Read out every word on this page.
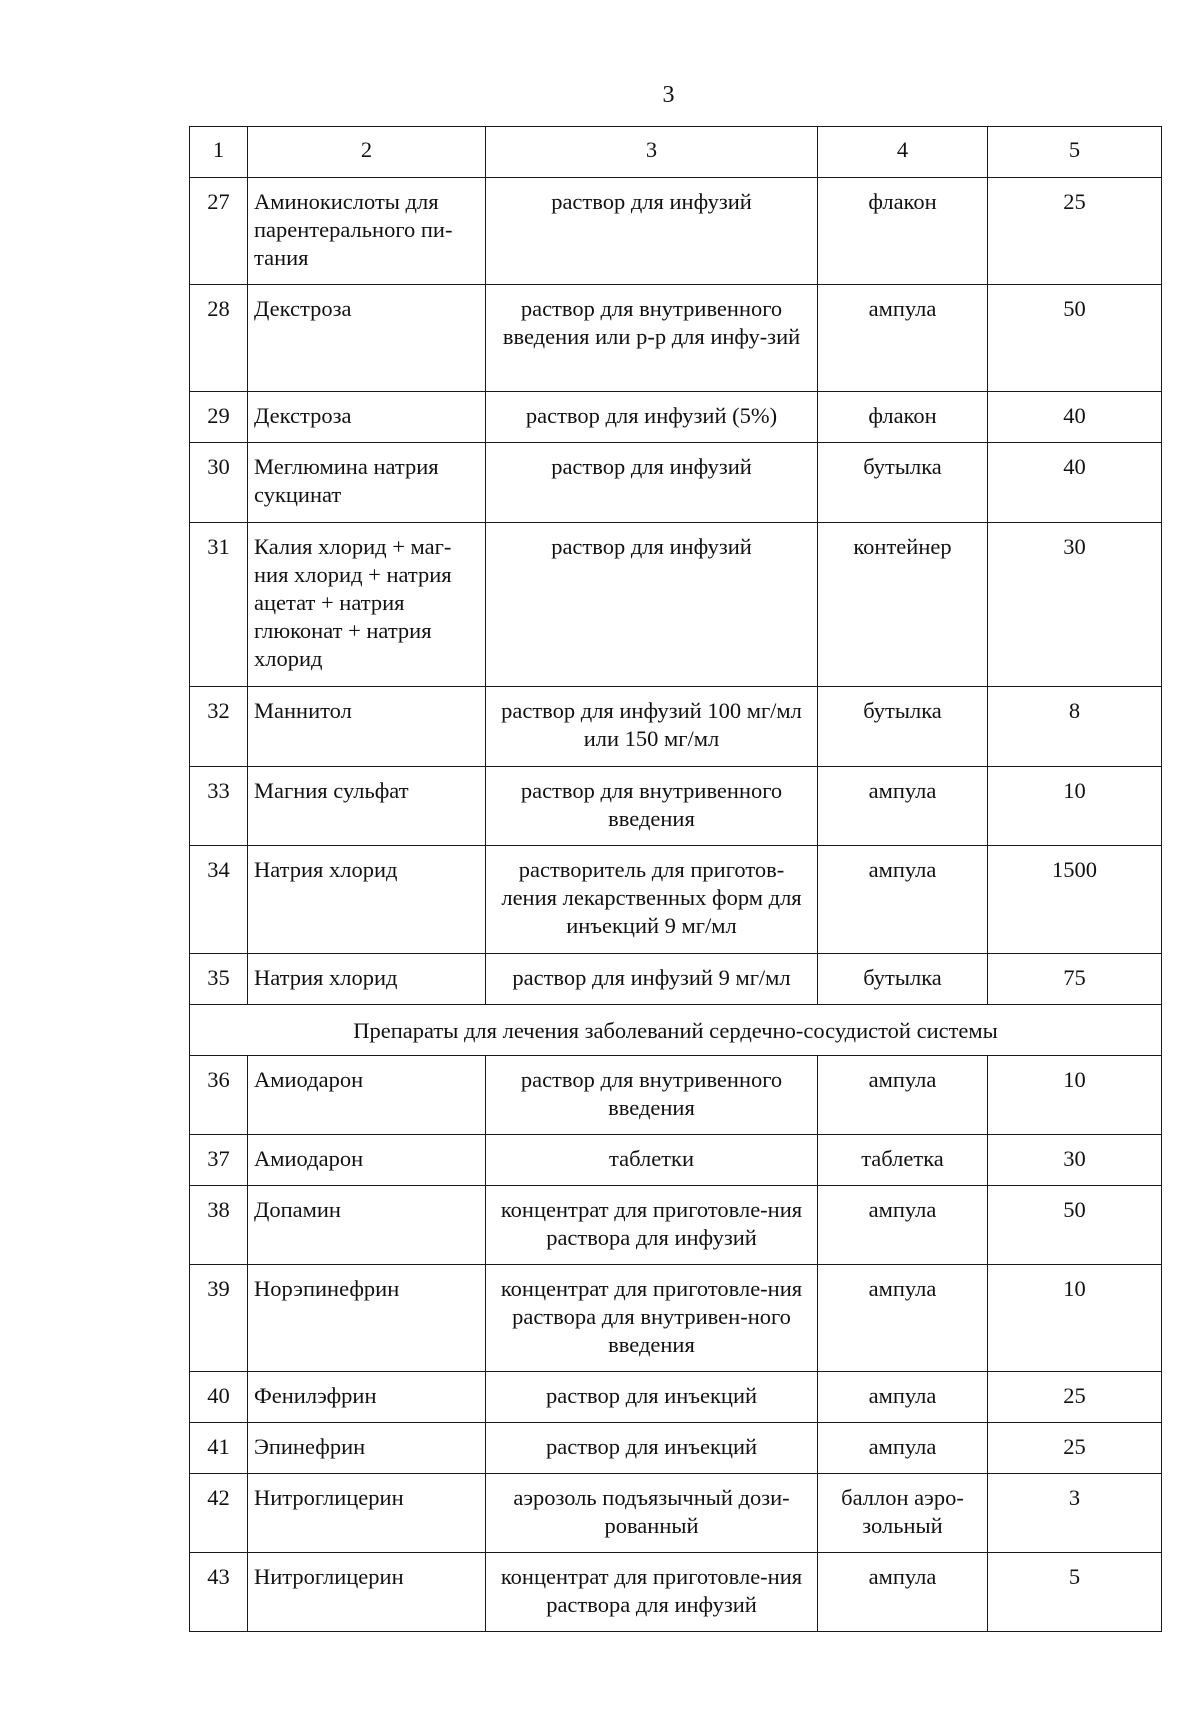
3
1	2	3	4	5
27	Аминокислоты для парентерального пи-тания	раствор для инфузий	флакон	25
28	Декстроза	раствор для внутривенного введения или р-р для инфу-зий	ампула	50
29	Декстроза	раствор для инфузий (5%)	флакон	40
30	Меглюмина натрия сукцинат	раствор для инфузий	бутылка	40
31	Калия хлорид + маг-ния хлорид + натрия ацетат + натрия глюконат + натрия хлорид	раствор для инфузий	контейнер	30
32	Маннитол	раствор для инфузий 100 мг/мл или 150 мг/мл	бутылка	8
33	Магния сульфат	раствор для внутривенного введения	ампула	10
34	Натрия хлорид	растворитель для приготов-ления лекарственных форм для инъекций 9 мг/мл	ампула	1500
35	Натрия хлорид	раствор для инфузий 9 мг/мл	бутылка	75
Препараты для лечения заболеваний сердечно-сосудистой системы				
36	Амиодарон	раствор для внутривенного введения	ампула	10
37	Амиодарон	таблетки	таблетка	30
38	Допамин	концентрат для приготовле-ния раствора для инфузий	ампула	50
39	Норэпинефрин	концентрат для приготовле-ния раствора для внутривен-ного введения	ампула	10
40	Фенилэфрин	раствор для инъекций	ампула	25
41	Эпинефрин	раствор для инъекций	ампула	25
42	Нитроглицерин	аэрозоль подъязычный дози-рованный	баллон аэро-зольный	3
43	Нитроглицерин	концентрат для приготовле-ния раствора для инфузий	ампула	5
